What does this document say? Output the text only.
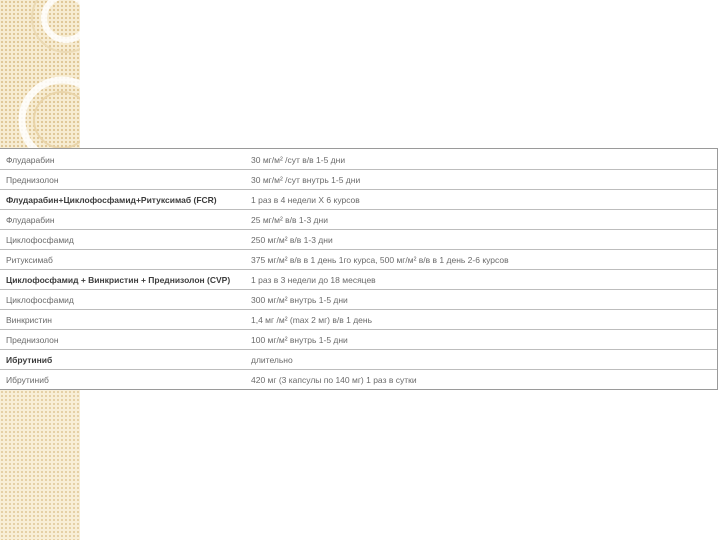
Флударабин	30 мг/м² /сут в/в 1-5 дни
Преднизолон	30 мг/м² /сут внутрь 1-5 дни
Флударабин+Циклофосфамид+Ритуксимаб (FCR)	1 раз в 4 недели Х 6 курсов
Флударабин	25 мг/м² в/в 1-3 дни
Циклофосфамид	250 мг/м² в/в 1-3 дни
Ритуксимаб	375 мг/м² в/в в 1 день 1го курса, 500 мг/м² в/в в 1 день 2-6 курсов
Циклофосфамид + Винкристин + Преднизолон (CVP) 1 раз в 3 недели до 18 месяцев
Циклофосфамид	300 мг/м² внутрь 1-5 дни
Винкристин	1,4 мг /м² (max 2 мг) в/в 1 день
Преднизолон	100 мг/м² внутрь 1-5 дни
Ибрутиниб	длительно
Ибрутиниб	420 мг (3 капсулы по 140 мг) 1 раз в сутки
